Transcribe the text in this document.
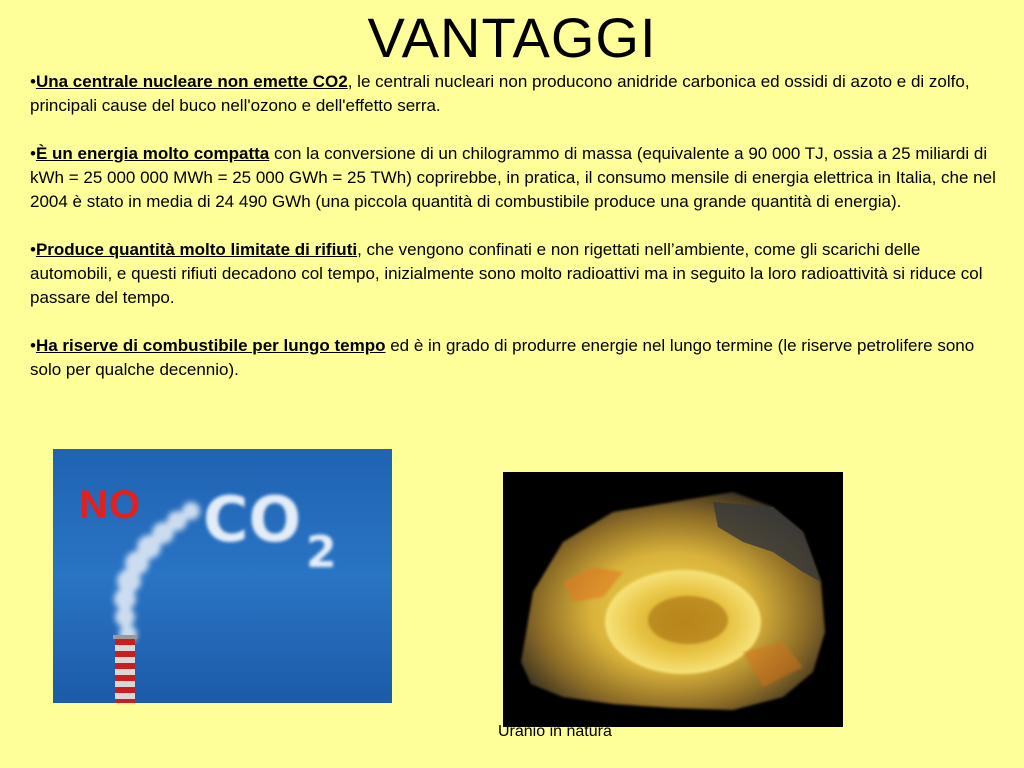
VANTAGGI
•Una centrale nucleare non emette CO2, le centrali nucleari non producono anidride carbonica ed ossidi di azoto e di zolfo, principali cause del buco nell'ozono e dell'effetto serra.
•È un energia molto compatta con la conversione di un chilogrammo di massa (equivalente a 90 000 TJ, ossia a 25 miliardi di kWh = 25 000 000 MWh = 25 000 GWh = 25 TWh) coprirebbe, in pratica, il consumo mensile di energia elettrica in Italia, che nel 2004 è stato in media di 24 490 GWh (una piccola quantità di combustibile produce una grande quantità di energia).
•Produce quantità molto limitate di rifiuti, che vengono confinati e non rigettati nell’ambiente, come gli scarichi delle automobili, e questi rifiuti decadono col tempo, inizialmente sono molto radioattivi ma in seguito la loro radioattività si riduce col passare del tempo.
•Ha riserve di combustibile per lungo tempo ed è in grado di produrre energie nel lungo termine (le riserve petrolifere sono solo per qualche decennio).
CO 2
NO
Uranio in natura
